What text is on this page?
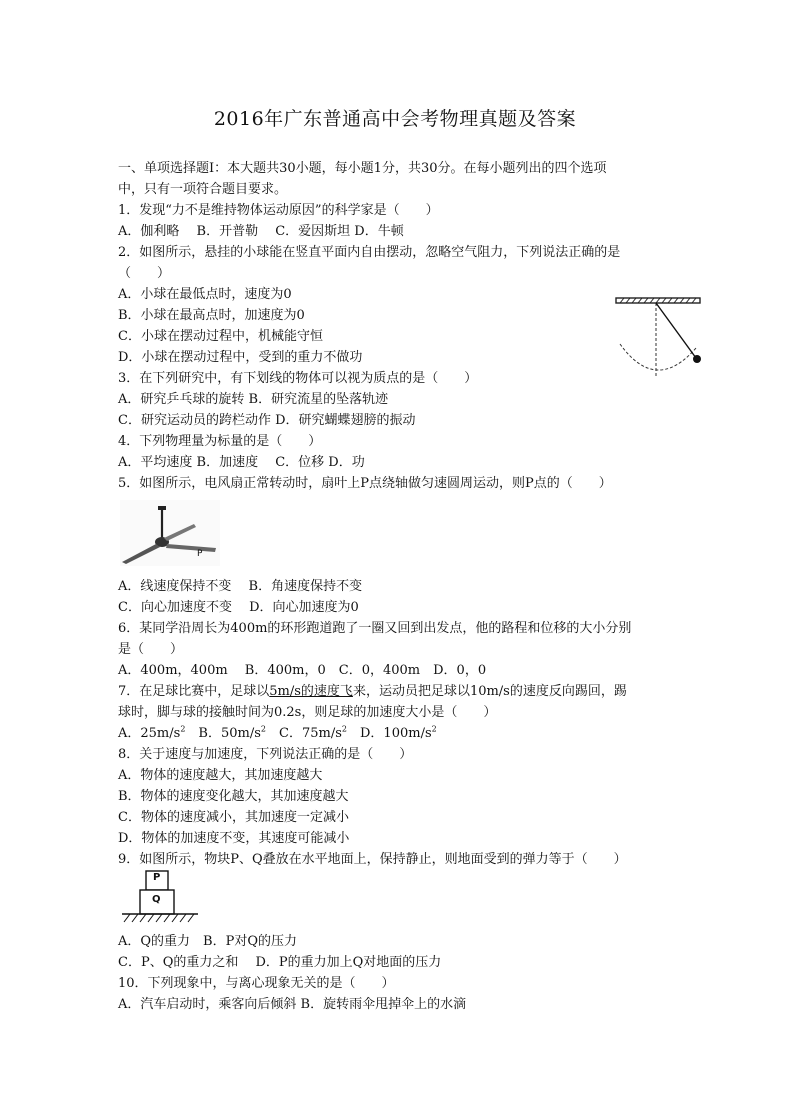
2016年广东普通高中会考物理真题及答案
一、单项选择题Ⅰ：本大题共30小题，每小题1分，共30分。在每小题列出的四个选项
中，只有一项符合题目要求。
1．发现“力不是维持物体运动原因”的科学家是（　　）
A．伽利略　 B．开普勒　 C．爱因斯坦 D．牛顿
2．如图所示，悬挂的小球能在竖直平面内自由摆动，忽略空气阻力，下列说法正确的是
（　　）
A．小球在最低点时，速度为0
B．小球在最高点时，加速度为0
C．小球在摆动过程中，机械能守恒
D．小球在摆动过程中，受到的重力不做功
3．在下列研究中，有下划线的物体可以视为质点的是（　　）
A．研究乒乓球的旋转 B．研究流星的坠落轨迹
C．研究运动员的跨栏动作 D．研究蝴蝶翅膀的振动
4．下列物理量为标量的是（　　）
A．平均速度 B．加速度　 C．位移 D．功
5．如图所示，电风扇正常转动时，扇叶上P点绕轴做匀速圆周运动，则P点的（　　）
P
A．线速度保持不变　 B．角速度保持不变
C．向心加速度不变　 D．向心加速度为0
6．某同学沿周长为400m的环形跑道跑了一圈又回到出发点，他的路程和位移的大小分别
是（　　）
A．400m，400m　 B．400m，0　C．0，400m　D．0，0
7．在足球比赛中，足球以5m/s的速度飞来，运动员把足球以10m/s的速度反向踢回，踢
球时，脚与球的接触时间为0.2s，则足球的加速度大小是（　　）
A．$25m/s^2$　 B．$50m/s^2$　 C．$75m/s^2$　 D．$100m/s^2$
8．关于速度与加速度，下列说法正确的是（　　）
A．物体的速度越大，其加速度越大
B．物体的速度变化越大，其加速度越大
C．物体的速度减小，其加速度一定减小
D．物体的加速度不变，其速度可能减小
9．如图所示，物块P、Q叠放在水平地面上，保持静止，则地面受到的弹力等于（　　）
P
Q
A．Q的重力　B．P对Q的压力
C．P、Q的重力之和　 D．P的重力加上Q对地面的压力
10．下列现象中，与离心现象无关的是（　　）
A．汽车启动时，乘客向后倾斜 B．旋转雨伞甩掉伞上的水滴
